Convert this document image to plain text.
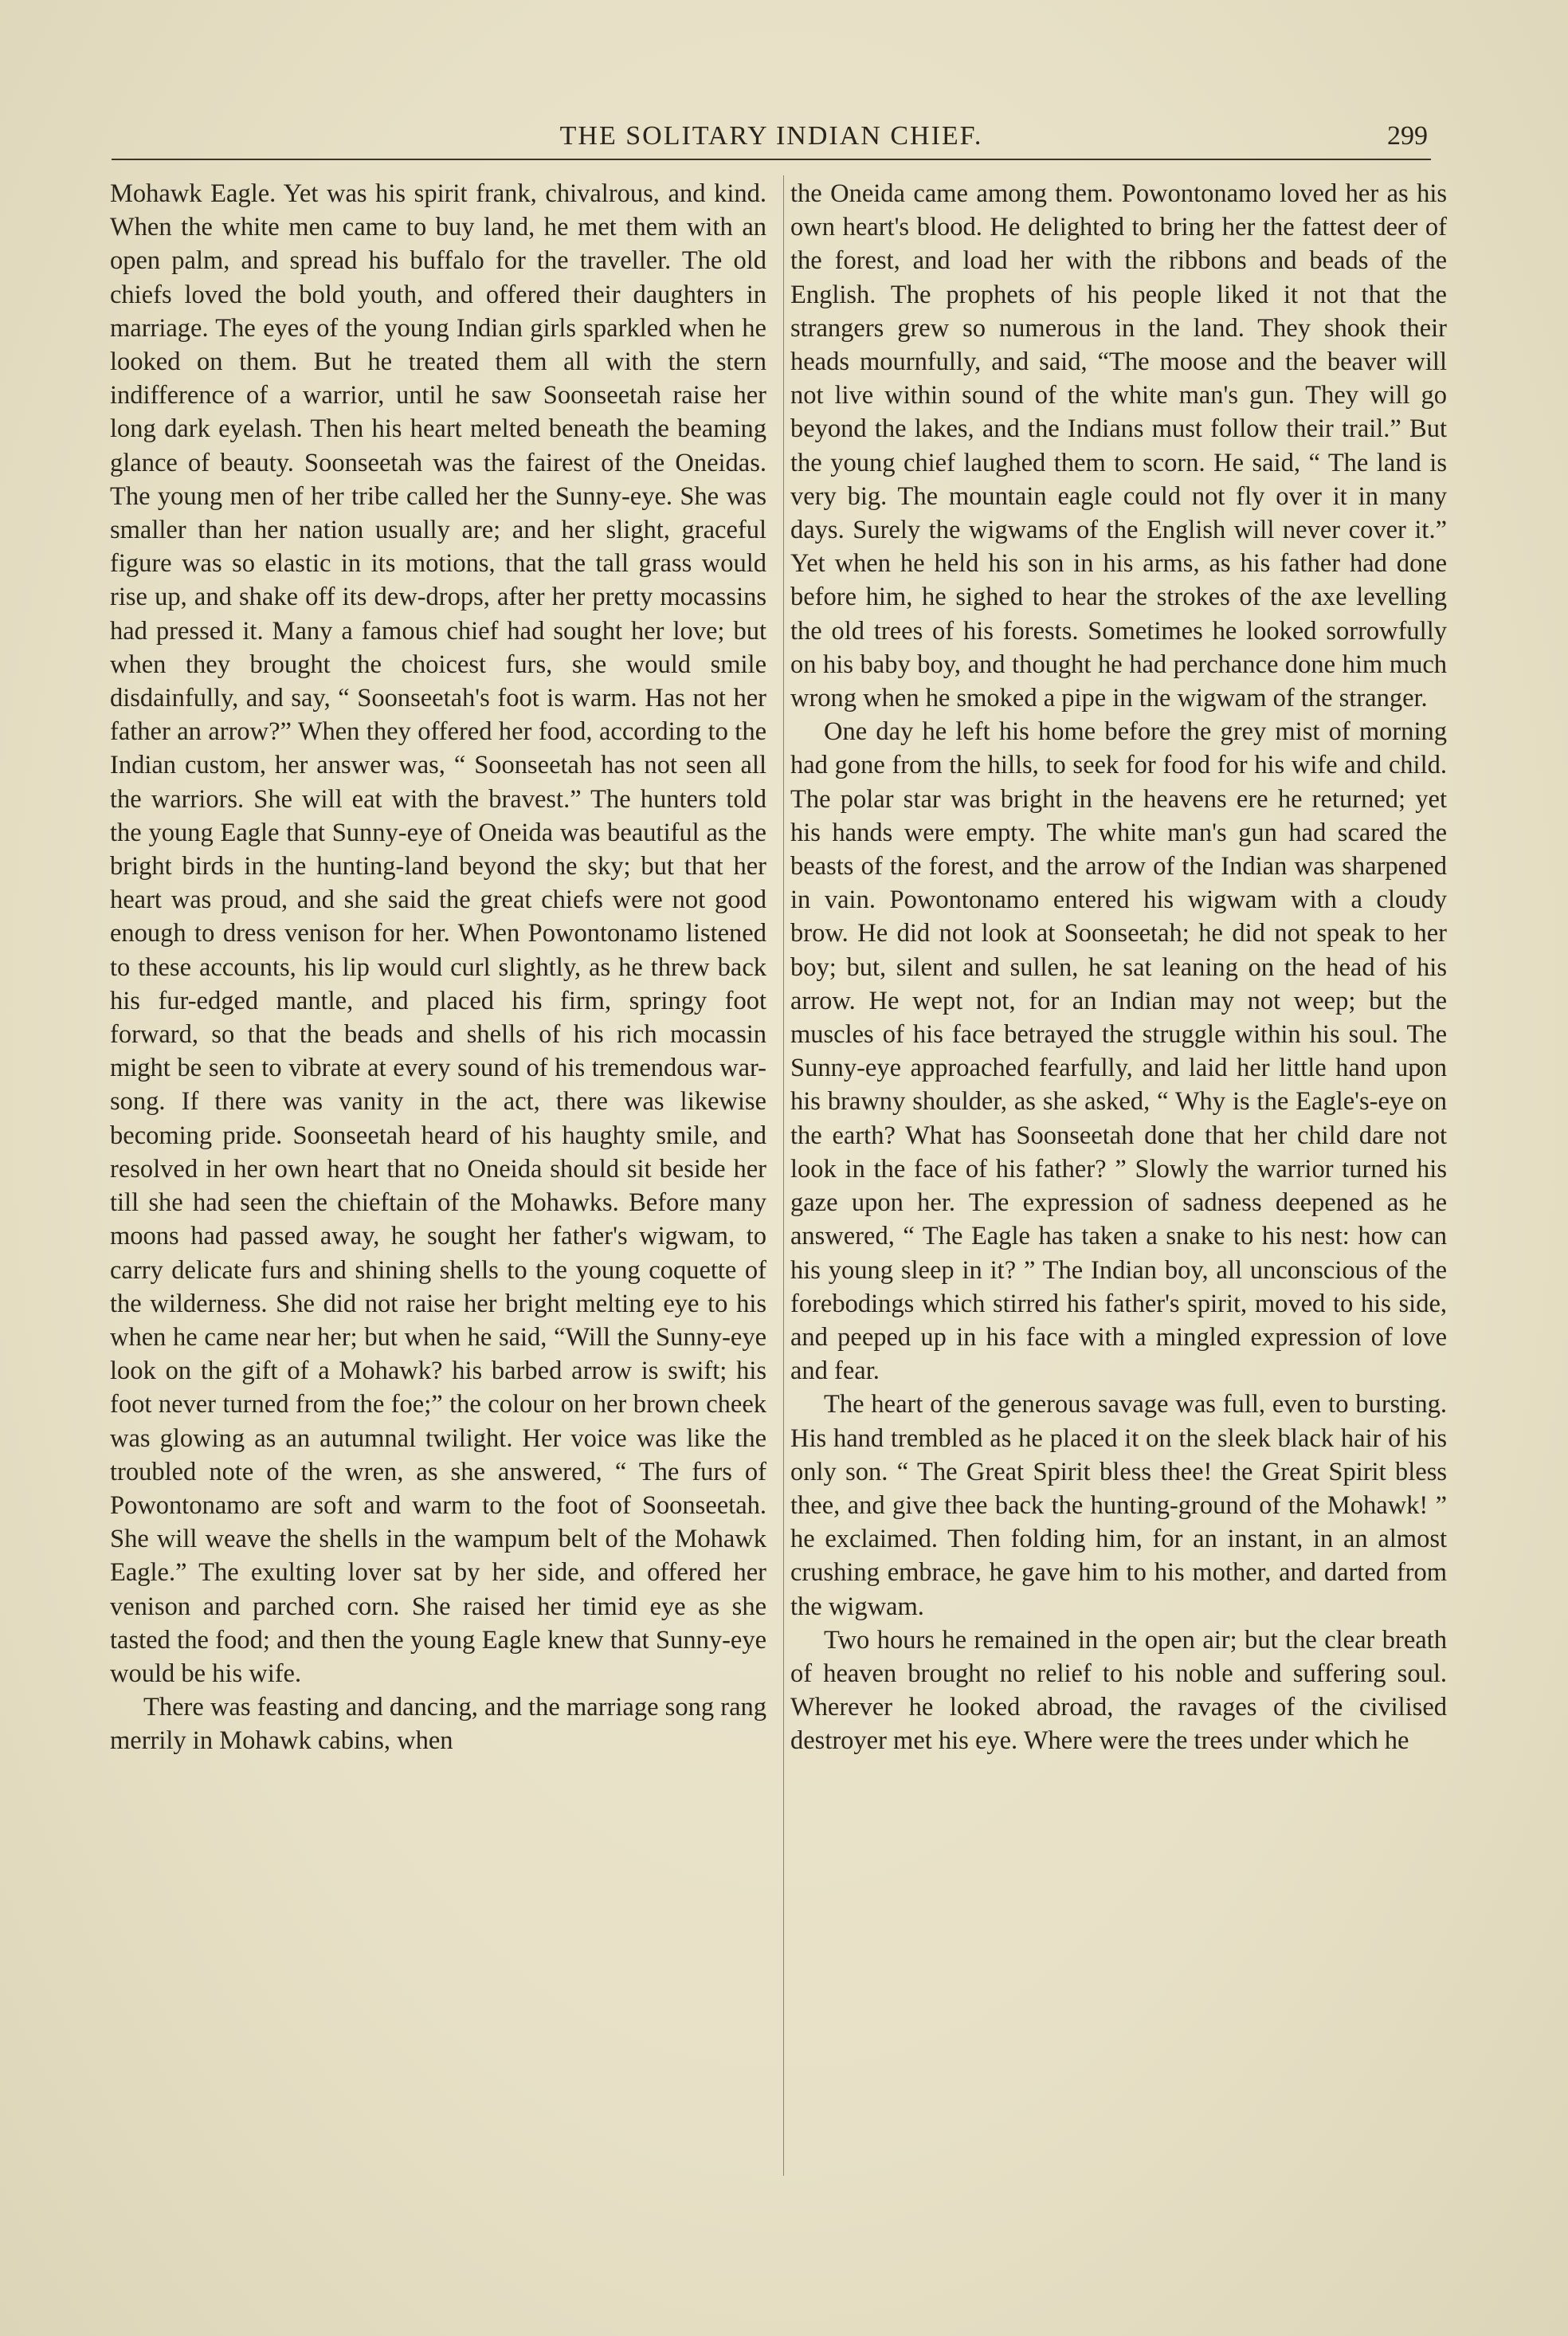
THE SOLITARY INDIAN CHIEF.	299

Mohawk Eagle. Yet was his spirit frank, chivalrous, and kind. When the white men came to buy land, he met them with an open palm, and spread his buffalo for the traveller. The old chiefs loved the bold youth, and offered their daughters in marriage. The eyes of the young Indian girls sparkled when he looked on them. But he treated them all with the stern indifference of a warrior, until he saw Soonseetah raise her long dark eyelash. Then his heart melted beneath the beaming glance of beauty. Soonseetah was the fairest of the Oneidas. The young men of her tribe called her the Sunny-eye. She was smaller than her nation usually are; and her slight, graceful figure was so elastic in its motions, that the tall grass would rise up, and shake off its dew-drops, after her pretty mocassins had pressed it. Many a famous chief had sought her love; but when they brought the choicest furs, she would smile disdainfully, and say, “ Soonseetah's foot is warm. Has not her father an arrow?” When they offered her food, according to the Indian custom, her answer was, “ Soonseetah has not seen all the warriors. She will eat with the bravest.” The hunters told the young Eagle that Sunny-eye of Oneida was beautiful as the bright birds in the hunting-land beyond the sky; but that her heart was proud, and she said the great chiefs were not good enough to dress venison for her. When Powontonamo listened to these accounts, his lip would curl slightly, as he threw back his fur-edged mantle, and placed his firm, springy foot forward, so that the beads and shells of his rich mocassin might be seen to vibrate at every sound of his tremendous war-song. If there was vanity in the act, there was likewise becoming pride. Soonseetah heard of his haughty smile, and resolved in her own heart that no Oneida should sit beside her till she had seen the chieftain of the Mohawks. Before many moons had passed away, he sought her father's wigwam, to carry delicate furs and shining shells to the young coquette of the wilderness. She did not raise her bright melting eye to his when he came near her; but when he said, “Will the Sunny-eye look on the gift of a Mohawk? his barbed arrow is swift; his foot never turned from the foe;” the colour on her brown cheek was glowing as an autumnal twilight. Her voice was like the troubled note of the wren, as she answered, “ The furs of Powontonamo are soft and warm to the foot of Soonseetah. She will weave the shells in the wampum belt of the Mohawk Eagle.” The exulting lover sat by her side, and offered her venison and parched corn. She raised her timid eye as she tasted the food; and then the young Eagle knew that Sunny-eye would be his wife.

There was feasting and dancing, and the marriage song rang merrily in Mohawk cabins, when

the Oneida came among them. Powontonamo loved her as his own heart's blood. He delighted to bring her the fattest deer of the forest, and load her with the ribbons and beads of the English. The prophets of his people liked it not that the strangers grew so numerous in the land. They shook their heads mournfully, and said, “The moose and the beaver will not live within sound of the white man's gun. They will go beyond the lakes, and the Indians must follow their trail.” But the young chief laughed them to scorn. He said, “ The land is very big. The mountain eagle could not fly over it in many days. Surely the wigwams of the English will never cover it.” Yet when he held his son in his arms, as his father had done before him, he sighed to hear the strokes of the axe levelling the old trees of his forests. Sometimes he looked sorrowfully on his baby boy, and thought he had perchance done him much wrong when he smoked a pipe in the wigwam of the stranger.

One day he left his home before the grey mist of morning had gone from the hills, to seek for food for his wife and child. The polar star was bright in the heavens ere he returned; yet his hands were empty. The white man's gun had scared the beasts of the forest, and the arrow of the Indian was sharpened in vain. Powontonamo entered his wigwam with a cloudy brow. He did not look at Soonseetah; he did not speak to her boy; but, silent and sullen, he sat leaning on the head of his arrow. He wept not, for an Indian may not weep; but the muscles of his face betrayed the struggle within his soul. The Sunny-eye approached fearfully, and laid her little hand upon his brawny shoulder, as she asked, “ Why is the Eagle's-eye on the earth? What has Soonseetah done that her child dare not look in the face of his father? ” Slowly the warrior turned his gaze upon her. The expression of sadness deepened as he answered, “ The Eagle has taken a snake to his nest: how can his young sleep in it? ” The Indian boy, all unconscious of the forebodings which stirred his father's spirit, moved to his side, and peeped up in his face with a mingled expression of love and fear.

The heart of the generous savage was full, even to bursting. His hand trembled as he placed it on the sleek black hair of his only son. “ The Great Spirit bless thee! the Great Spirit bless thee, and give thee back the hunting-ground of the Mohawk! ” he exclaimed. Then folding him, for an instant, in an almost crushing embrace, he gave him to his mother, and darted from the wigwam.

Two hours he remained in the open air; but the clear breath of heaven brought no relief to his noble and suffering soul. Wherever he looked abroad, the ravages of the civilised destroyer met his eye. Where were the trees under which he
